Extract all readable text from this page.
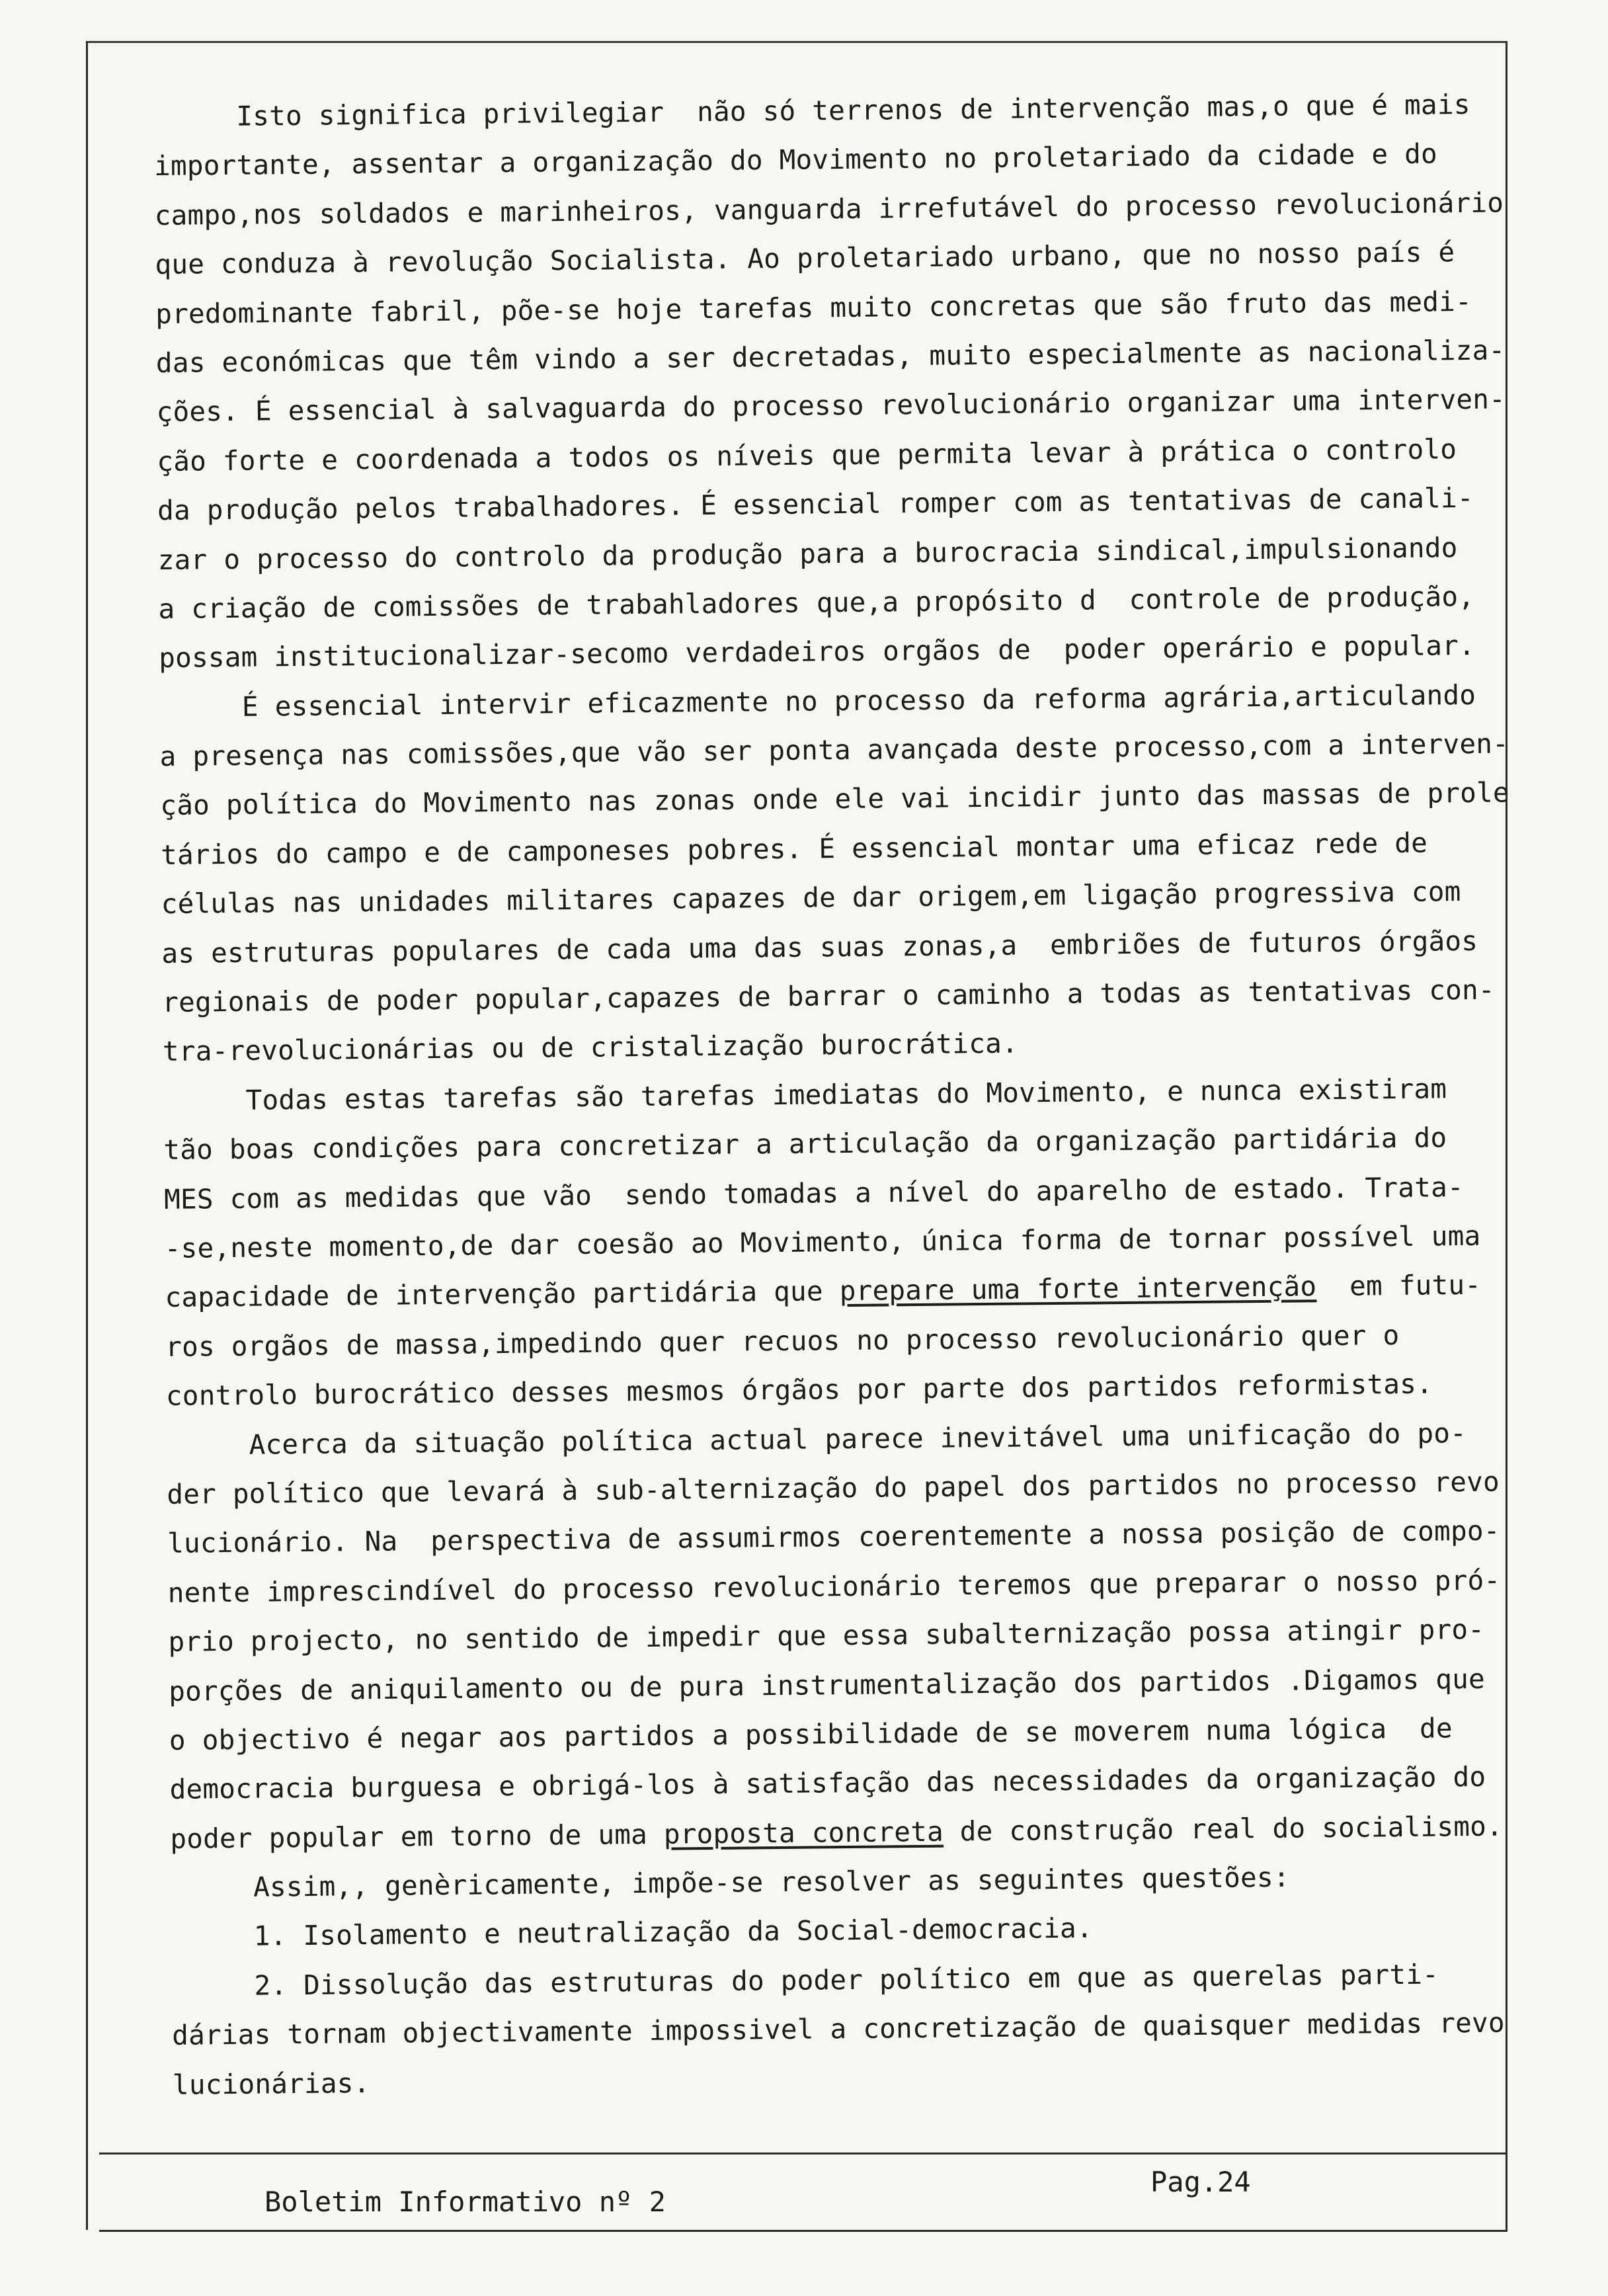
Isto significa privilegiar  não só terrenos de intervenção mas,o que é mais
importante, assentar a organização do Movimento no proletariado da cidade e do
campo,nos soldados e marinheiros, vanguarda irrefutável do processo revolucionário
que conduza à revolução Socialista. Ao proletariado urbano, que no nosso país é
predominante fabril, põe-se hoje tarefas muito concretas que são fruto das medi-
das económicas que têm vindo a ser decretadas, muito especialmente as nacionaliza-
ções. É essencial à salvaguarda do processo revolucionário organizar uma interven-
ção forte e coordenada a todos os níveis que permita levar à prática o controlo
da produção pelos trabalhadores. É essencial romper com as tentativas de canali-
zar o processo do controlo da produção para a burocracia sindical,impulsionando
a criação de comissões de trabahladores que,a propósito d  controle de produção,
possam institucionalizar-secomo verdadeiros orgãos de  poder operário e popular.
É essencial intervir eficazmente no processo da reforma agrária,articulando
a presença nas comissões,que vão ser ponta avançada deste processo,com a interven-
ção política do Movimento nas zonas onde ele vai incidir junto das massas de prole
tários do campo e de camponeses pobres. É essencial montar uma eficaz rede de
células nas unidades militares capazes de dar origem,em ligação progressiva com
as estruturas populares de cada uma das suas zonas,a  embriões de futuros órgãos
regionais de poder popular,capazes de barrar o caminho a todas as tentativas con-
tra-revolucionárias ou de cristalização burocrática.
Todas estas tarefas são tarefas imediatas do Movimento, e nunca existiram
tão boas condições para concretizar a articulação da organização partidária do
MES com as medidas que vão  sendo tomadas a nível do aparelho de estado. Trata-
-se,neste momento,de dar coesão ao Movimento, única forma de tornar possível uma
capacidade de intervenção partidária que prepare uma forte intervenção  em futu-
ros orgãos de massa,impedindo quer recuos no processo revolucionário quer o
controlo burocrático desses mesmos órgãos por parte dos partidos reformistas.
Acerca da situação política actual parece inevitável uma unificação do po-
der político que levará à sub-alternização do papel dos partidos no processo revo
lucionário. Na  perspectiva de assumirmos coerentemente a nossa posição de compo-
nente imprescindível do processo revolucionário teremos que preparar o nosso pró-
prio projecto, no sentido de impedir que essa subalternização possa atingir pro-
porções de aniquilamento ou de pura instrumentalização dos partidos .Digamos que
o objectivo é negar aos partidos a possibilidade de se moverem numa lógica  de
democracia burguesa e obrigá-los à satisfação das necessidades da organização do
poder popular em torno de uma proposta concreta de construção real do socialismo.
Assim,, genèricamente, impõe-se resolver as seguintes questões:
1. Isolamento e neutralização da Social-democracia.
2. Dissolução das estruturas do poder político em que as querelas parti-
dárias tornam objectivamente impossivel a concretização de quaisquer medidas revo
lucionárias.
Boletim Informativo nº 2
Pag.24
